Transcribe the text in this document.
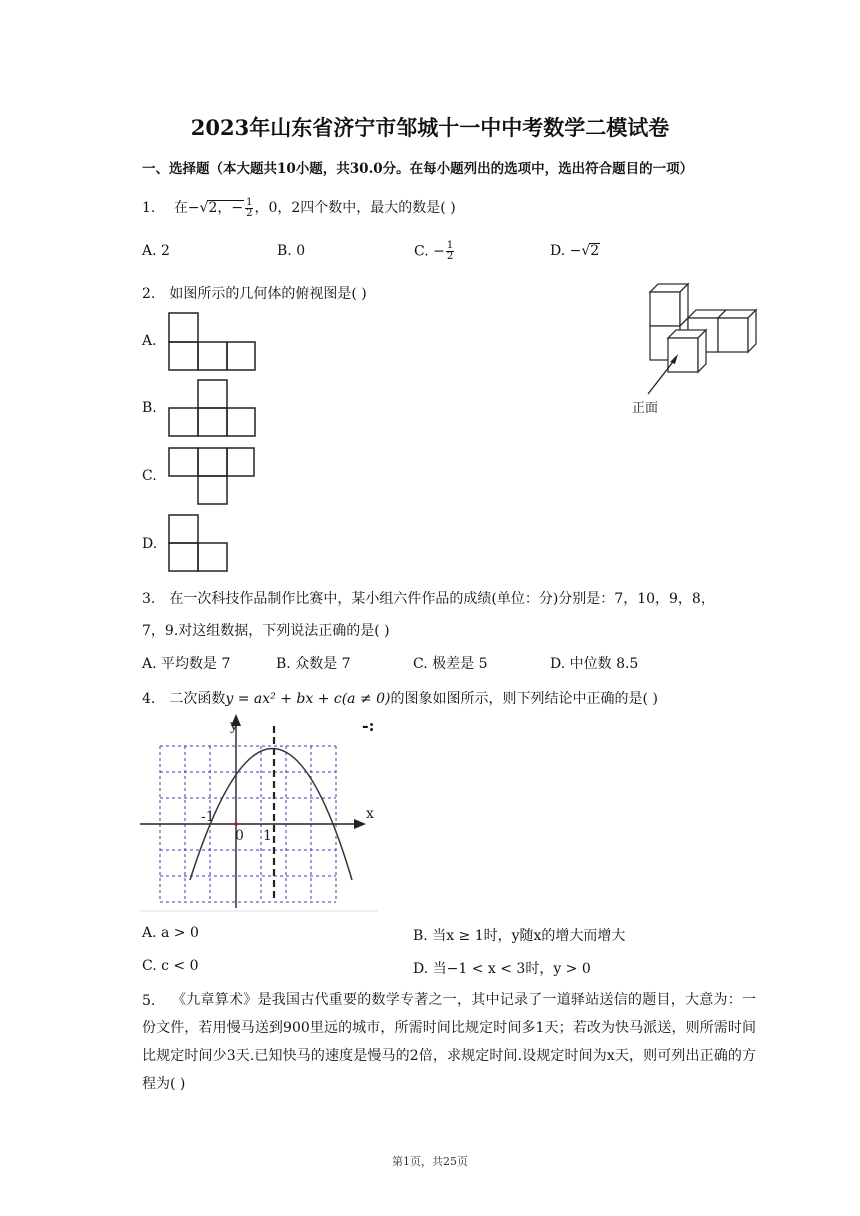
2023年山东省济宁市邹城十一中中考数学二模试卷
一、选择题（本大题共10小题，共30.0分。在每小题列出的选项中，选出符合题目的一项）
1. 在−√2，− $\frac{1}{2}$ ，0，2四个数中，最大的数是( )
A. 2	B. 0	C. − $\frac{1}{2}$	D. −√2
2. 如图所示的几何体的俯视图是( )
A.
B.
C.
D.
正面
3. 在一次科技作品制作比赛中，某小组六件作品的成绩(单位：分)分别是：7，10，9，8，
7，9.对这组数据，下列说法正确的是( )
A. 平均数是 7	B. 众数是 7	C. 极差是 5	D. 中位数 8.5
4. 二次函数y = ax² + bx + c(a ≠ 0)的图象如图所示，则下列结论中正确的是( )
y
x
0
-1
1
-:
A. a > 0	B. 当x ≥ 1时，y随x的增大而增大
C. c < 0	D. 当−1 < x < 3时，y > 0
5.	《九章算术》是我国古代重要的数学专著之一，其中记录了一道驿站送信的题目，大意为：一份文件，若用慢马送到900里远的城市，所需时间比规定时间多1天；若改为快马派送，则所需时间比规定时间少3天.已知快马的速度是慢马的2倍，求规定时间.设规定时间为x天，则可列出正确的方程为( )
第1页，共25页
